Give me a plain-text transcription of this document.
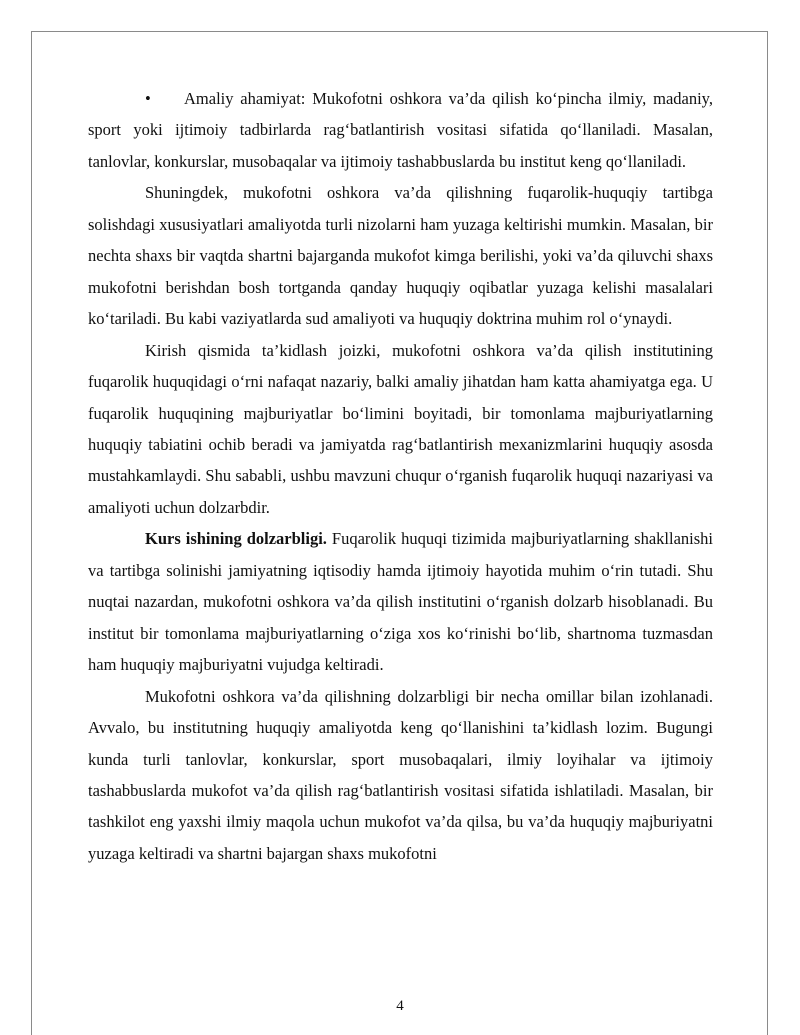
• Amaliy ahamiyat: Mukofotni oshkora va’da qilish ko‘pincha ilmiy, madaniy, sport yoki ijtimoiy tadbirlarda rag‘batlantirish vositasi sifatida qo‘llaniladi. Masalan, tanlovlar, konkurslar, musobaqalar va ijtimoiy tashabbuslarda bu institut keng qo‘llaniladi.

Shuningdek, mukofotni oshkora va’da qilishning fuqarolik-huquqiy tartibga solishdagi xususiyatlari amaliyotda turli nizolarni ham yuzaga keltirishi mumkin. Masalan, bir nechta shaxs bir vaqtda shartni bajarganda mukofot kimga berilishi, yoki va’da qiluvchi shaxs mukofotni berishdan bosh tortganda qanday huquqiy oqibatlar yuzaga kelishi masalalari ko‘tariladi. Bu kabi vaziyatlarda sud amaliyoti va huquqiy doktrina muhim rol o‘ynaydi.

Kirish qismida ta’kidlash joizki, mukofotni oshkora va’da qilish institutining fuqarolik huquqidagi o‘rni nafaqat nazariy, balki amaliy jihatdan ham katta ahamiyatga ega. U fuqarolik huquqining majburiyatlar bo‘limini boyitadi, bir tomonlama majburiyatlarning huquqiy tabiatini ochib beradi va jamiyatda rag‘batlantirish mexanizmlarini huquqiy asosda mustahkamlaydi. Shu sababli, ushbu mavzuni chuqur o‘rganish fuqarolik huquqi nazariyasi va amaliyoti uchun dolzarbdir.

Kurs ishining dolzarbligi. Fuqarolik huquqi tizimida majburiyatlarning shakllanishi va tartibga solinishi jamiyatning iqtisodiy hamda ijtimoiy hayotida muhim o‘rin tutadi. Shu nuqtai nazardan, mukofotni oshkora va’da qilish institutini o‘rganish dolzarb hisoblanadi. Bu institut bir tomonlama majburiyatlarning o‘ziga xos ko‘rinishi bo‘lib, shartnoma tuzmasdan ham huquqiy majburiyatni vujudga keltiradi.

Mukofotni oshkora va’da qilishning dolzarbligi bir necha omillar bilan izohlanadi. Avvalo, bu institutning huquqiy amaliyotda keng qo‘llanishini ta’kidlash lozim. Bugungi kunda turli tanlovlar, konkurslar, sport musobaqalari, ilmiy loyihalar va ijtimoiy tashabbuslarda mukofot va’da qilish rag‘batlantirish vositasi sifatida ishlatiladi. Masalan, bir tashkilot eng yaxshi ilmiy maqola uchun mukofot va’da qilsa, bu va’da huquqiy majburiyatni yuzaga keltiradi va shartni bajargan shaxs mukofotni

4
